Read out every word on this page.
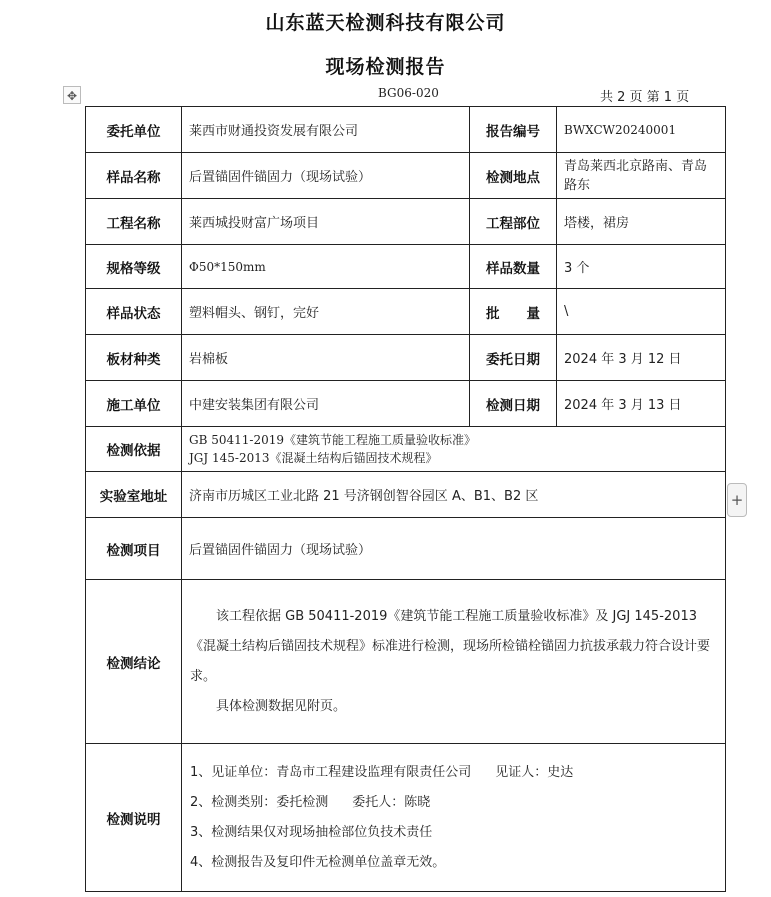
山东蓝天检测科技有限公司
现场检测报告
✥	BG06-020	共 2 页 第 1 页
+
委托单位	莱西市财通投资发展有限公司	报告编号	BWXCW20240001
样品名称	后置锚固件锚固力（现场试验）	检测地点	青岛莱西北京路南、青岛路东
工程名称	莱西城投财富广场项目	工程部位	塔楼，裙房
规格等级	Φ50*150mm	样品数量	3 个
样品状态	塑料帽头、钢钉，完好	批　　量	\
板材种类	岩棉板	委托日期	2024 年 3 月 12 日
施工单位	中建安装集团有限公司	检测日期	2024 年 3 月 13 日
检测依据	GB 50411-2019《建筑节能工程施工质量验收标准》
JGJ 145-2013《混凝土结构后锚固技术规程》		

实验室地址	济南市历城区工业北路 21 号济钢创智谷园区 A、B1、B2 区		
检测项目	后置锚固件锚固力（现场试验）		
检测结论	该工程依据 GB 50411-2019《建筑节能工程施工质量验收标准》及 JGJ 145-2013《混凝土结构后锚固技术规程》标准进行检测，现场所检锚栓锚固力抗拔承载力符合设计要求。

具体检测数据见附页。		

检测说明	1、见证单位：青岛市工程建设监理有限责任公司 见证人：史达

2、检测类别：委托检测 委托人：陈晓

3、检测结果仅对现场抽检部位负技术责任

4、检测报告及复印件无检测单位盖章无效。		
